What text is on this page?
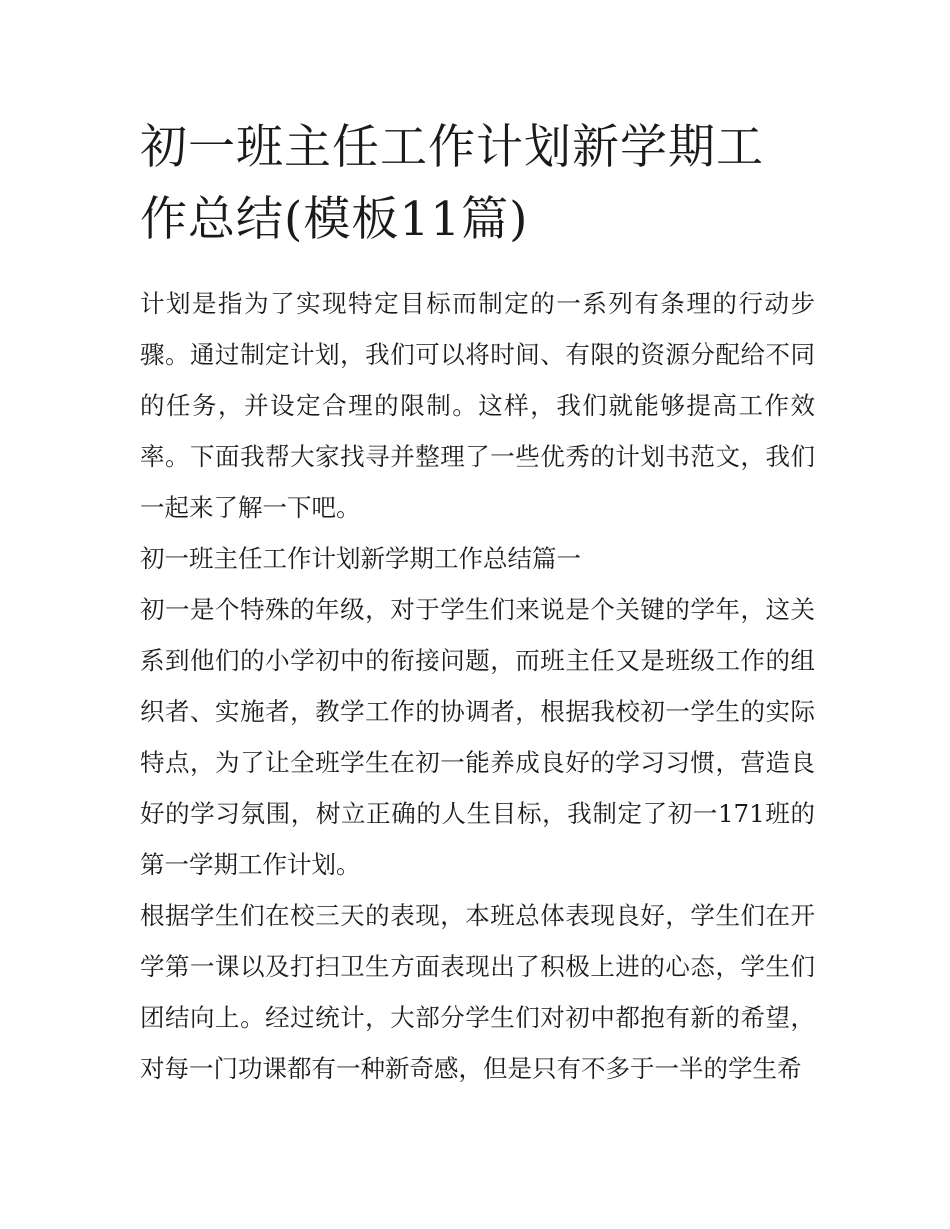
初一班主任工作计划新学期工作总结(模板11篇)

计划是指为了实现特定目标而制定的一系列有条理的行动步骤。通过制定计划，我们可以将时间、有限的资源分配给不同的任务，并设定合理的限制。这样，我们就能够提高工作效率。下面我帮大家找寻并整理了一些优秀的计划书范文，我们一起来了解一下吧。

初一班主任工作计划新学期工作总结篇一

初一是个特殊的年级，对于学生们来说是个关键的学年，这关系到他们的小学初中的衔接问题，而班主任又是班级工作的组织者、实施者，教学工作的协调者，根据我校初一学生的实际特点，为了让全班学生在初一能养成良好的学习习惯，营造良好的学习氛围，树立正确的人生目标，我制定了初一171班的第一学期工作计划。

根据学生们在校三天的表现，本班总体表现良好，学生们在开学第一课以及打扫卫生方面表现出了积极上进的心态，学生们团结向上。经过统计，大部分学生们对初中都抱有新的希望，对每一门功课都有一种新奇感，但是只有不多于一半的学生希
